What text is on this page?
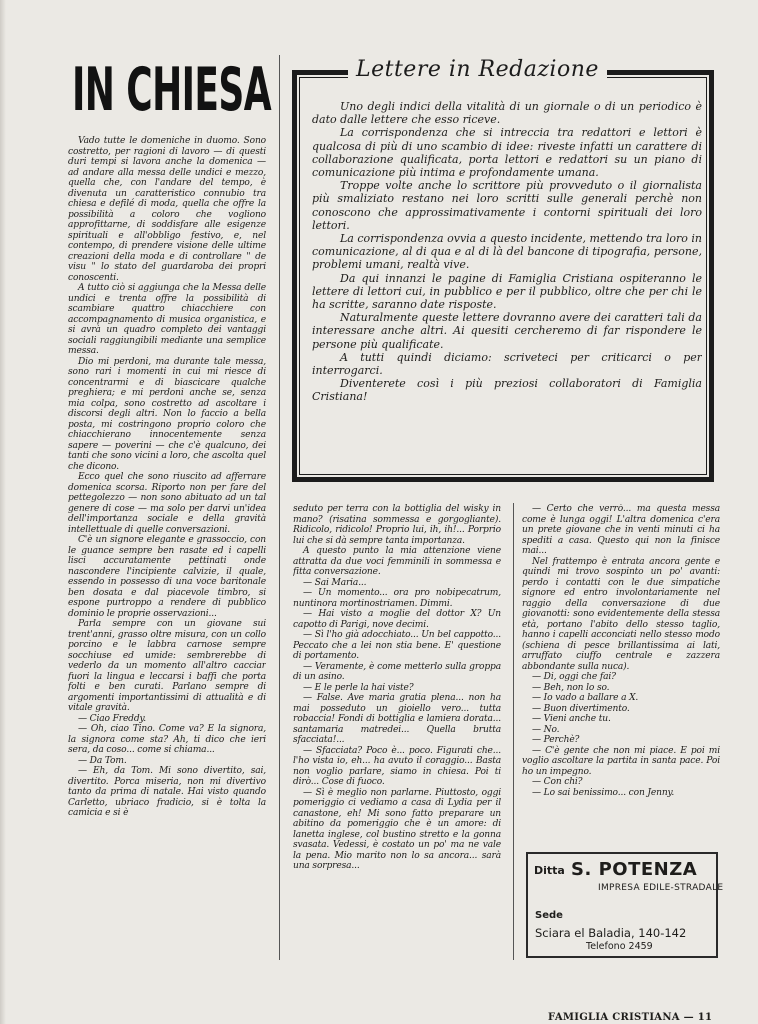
IN CHIESA	Lettere in Redazione

Uno degli indici della vitalità di un giornale o di un periodico è dato dalle lettere che esso riceve.

La corrispondenza che si intreccia tra redattori e lettori è qualcosa di più di uno scambio di idee: riveste infatti un carattere di collaborazione qualificata, porta lettori e redattori su un piano di comunicazione più intima e profondamente umana.

Troppe volte anche lo scrittore più provveduto o il giornalista più smaliziato restano nei loro scritti sulle generali perchè non conoscono che approssimativamente i contorni spirituali dei loro lettori.

La corrispondenza ovvia a questo incidente, mettendo tra loro in comunicazione, al di qua e al di là del bancone di tipografia, persone, problemi umani, realtà vive.

Da qui innanzi le pagine di Famiglia Cristiana ospiteranno le lettere di lettori cui, in pubblico e per il pubblico, oltre che per chi le ha scritte, saranno date risposte.

Naturalmente queste lettere dovranno avere dei caratteri tali da interessare anche altri. Ai quesiti cercheremo di far rispondere le persone più qualificate.

A tutti quindi diciamo: scriveteci per criticarci o per interrogarci.

Diventerete così i più preziosi collaboratori di Famiglia Cristiana!

Vado tutte le domeniche in duomo. Sono costretto, per ragioni di lavoro — di questi duri tempi si lavora anche la domenica — ad andare alla messa delle undici e mezzo, quella che, con l'andare del tempo, è divenuta un caratteristico connubio tra chiesa e defilé di moda, quella che offre la possibilità a coloro che vogliono approfittarne, di soddisfare alle esigenze spirituali e all'obbligo festivo, e, nel contempo, di prendere visione delle ultime creazioni della moda e di controllare " de visu " lo stato del guardaroba dei propri conoscenti.

A tutto ciò si aggiunga che la Messa delle undici e trenta offre la possibilità di scambiare quattro chiacchiere con accompagnamento di musica organistica, e si avrà un quadro completo dei vantaggi sociali raggiungibili mediante una semplice messa.

Dio mi perdoni, ma durante tale messa, sono rari i momenti in cui mi riesce di concentrarmi e di biascicare qualche preghiera; e mi perdoni anche se, senza mia colpa, sono costretto ad ascoltare i discorsi degli altri. Non lo faccio a bella posta, mi costringono proprio coloro che chiacchierano innocentemente senza sapere — poverini — che c'è qualcuno, dei tanti che sono vicini a loro, che ascolta quel che dicono.

Ecco quel che sono riuscito ad afferrare domenica scorsa. Riporto non per fare del pettegolezzo — non sono abituato ad un tal genere di cose — ma solo per darvi un'idea dell'importanza sociale e della gravità intellettuale di quelle conversazioni.

C'è un signore elegante e grassoccio, con le guance sempre ben rasate ed i capelli lisci accuratamente pettinati onde nascondere l'incipiente calvizie, il quale, essendo in possesso di una voce baritonale ben dosata e dal piacevole timbro, si espone purtroppo a rendere di pubblico dominio le proprie osservazioni...

Parla sempre con un giovane sui trent'anni, grasso oltre misura, con un collo porcino e le labbra carnose sempre socchiuse ed umide: sembrerebbe di vederlo da un momento all'altro cacciar fuori la lingua e leccarsi i baffi che porta folti e ben curati. Parlano sempre di argomenti importantissimi di attualità e di vitale gravità.

— Ciao Freddy.

— Oh, ciao Tino. Come va? E la signora, la signora come sta? Ah, ti dico che ieri sera, da coso... come si chiama...

— Da Tom.

— Eh, da Tom. Mi sono divertito, sai, divertito. Porca miseria, non mi divertivo tanto da prima di natale. Hai visto quando Carletto, ubriaco fradicio, si è tolta la camicia e si è

seduto per terra con la bottiglia del wisky in mano? (risatina sommessa e gorgogliante). Ridicolo, ridicolo! Proprio lui, ih, ih!... Porprio lui che si dà sempre tanta importanza.

A questo punto la mia attenzione viene attratta da due voci femminili in sommessa e fitta conversazione.

— Sai Maria...

— Un momento... ora pro nobipecatrum, nuntinora mortinostriamen. Dimmi.

— Hai visto a moglie del dottor X? Un capotto di Parigi, nove decimi.

— Sì l'ho già adocchiato... Un bel cappotto... Peccato che a lei non stia bene. E' questione di portamento.

— Veramente, è come metterlo sulla groppa di un asino.

— E le perle la hai viste?

— False. Ave maria gratia plena... non ha mai posseduto un gioiello vero... tutta robaccia! Fondi di bottiglia e lamiera dorata... santamaria matredei... Quella brutta sfacciata!...

— Sfacciata? Poco è... poco. Figurati che... l'ho vista io, eh... ha avuto il coraggio... Basta non voglio parlare, siamo in chiesa. Poi ti dirò... Cose di fuoco.

— Sì è meglio non parlarne. Piuttosto, oggi pomeriggio ci vediamo a casa di Lydia per il canastone, eh! Mi sono fatto preparare un abitino da pomeriggio che è un amore: di lanetta inglese, col bustino stretto e la gonna svasata. Vedessi, è costato un po' ma ne vale la pena. Mio marito non lo sa ancora... sarà una sorpresa...

— Certo che verrò... ma questa messa come è lunga oggi! L'altra domenica c'era un prete giovane che in venti minuti ci ha spediti a casa. Questo qui non la finisce mai...

Nel frattempo è entrata ancora gente e quindi mi trovo sospinto un po' avanti: perdo i contatti con le due simpatiche signore ed entro involontariamente nel raggio della conversazione di due giovanotti: sono evidentemente della stessa età, portano l'abito dello stesso taglio, hanno i capelli acconciati nello stesso modo (schiena di pesce brillantissima ai lati, arruffato ciuffo centrale e zazzera abbondante sulla nuca).

— Di, oggi che fai?

— Beh, non lo so.

— Io vado a ballare a X.

— Buon divertimento.

— Vieni anche tu.

— No.

— Perchè?

— C'è gente che non mi piace. E poi mi voglio ascoltare la partita in santa pace. Poi ho un impegno.

— Con chi?

— Lo sai benissimo... con Jenny.

Ditta S. POTENZA
IMPRESA EDILE-STRADALE
Sede
Sciara el Baladia, 140-142
Telefono 2459
FAMIGLIA CRISTIANA — 11
